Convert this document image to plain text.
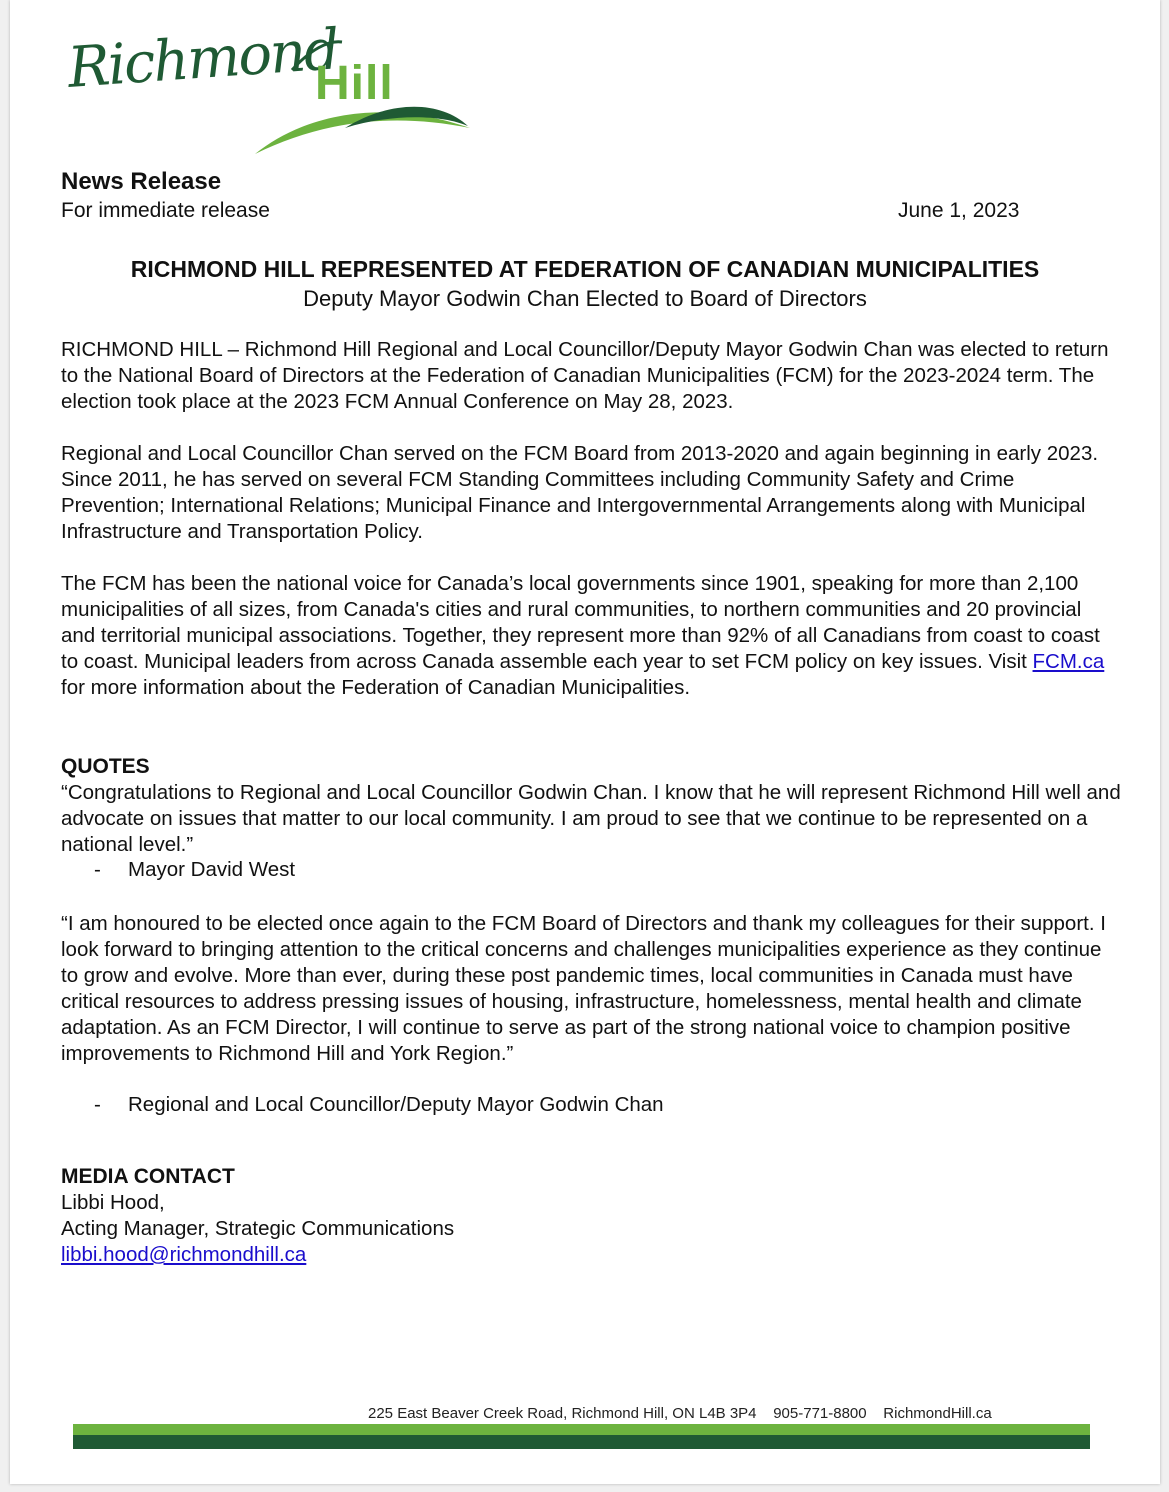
Richmond
Hill
News Release
For immediate release	June 1, 2023
RICHMOND HILL REPRESENTED AT FEDERATION OF CANADIAN MUNICIPALITIES
Deputy Mayor Godwin Chan Elected to Board of Directors
RICHMOND HILL – Richmond Hill Regional and Local Councillor/Deputy Mayor Godwin Chan was elected to return to the National Board of Directors at the Federation of Canadian Municipalities (FCM) for the 2023-2024 term. The election took place at the 2023 FCM Annual Conference on May 28, 2023.
Regional and Local Councillor Chan served on the FCM Board from 2013-2020 and again beginning in early 2023. Since 2011, he has served on several FCM Standing Committees including Community Safety and Crime Prevention; International Relations; Municipal Finance and Intergovernmental Arrangements along with Municipal Infrastructure and Transportation Policy.
The FCM has been the national voice for Canada’s local governments since 1901, speaking for more than 2,100 municipalities of all sizes, from Canada's cities and rural communities, to northern communities and 20 provincial and territorial municipal associations. Together, they represent more than 92% of all Canadians from coast to coast to coast. Municipal leaders from across Canada assemble each year to set FCM policy on key issues. Visit FCM.ca for more information about the Federation of Canadian Municipalities.
QUOTES
“Congratulations to Regional and Local Councillor Godwin Chan. I know that he will represent Richmond Hill well and advocate on issues that matter to our local community. I am proud to see that we continue to be represented on a national level.”
- Mayor David West
“I am honoured to be elected once again to the FCM Board of Directors and thank my colleagues for their support. I look forward to bringing attention to the critical concerns and challenges municipalities experience as they continue to grow and evolve. More than ever, during these post pandemic times, local communities in Canada must have critical resources to address pressing issues of housing, infrastructure, homelessness, mental health and climate adaptation. As an FCM Director, I will continue to serve as part of the strong national voice to champion positive improvements to Richmond Hill and York Region.”
- Regional and Local Councillor/Deputy Mayor Godwin Chan
MEDIA CONTACT
Libbi Hood,
Acting Manager, Strategic Communications
libbi.hood@richmondhill.ca
225 East Beaver Creek Road, Richmond Hill, ON L4B 3P4 905-771-8800 RichmondHill.ca
